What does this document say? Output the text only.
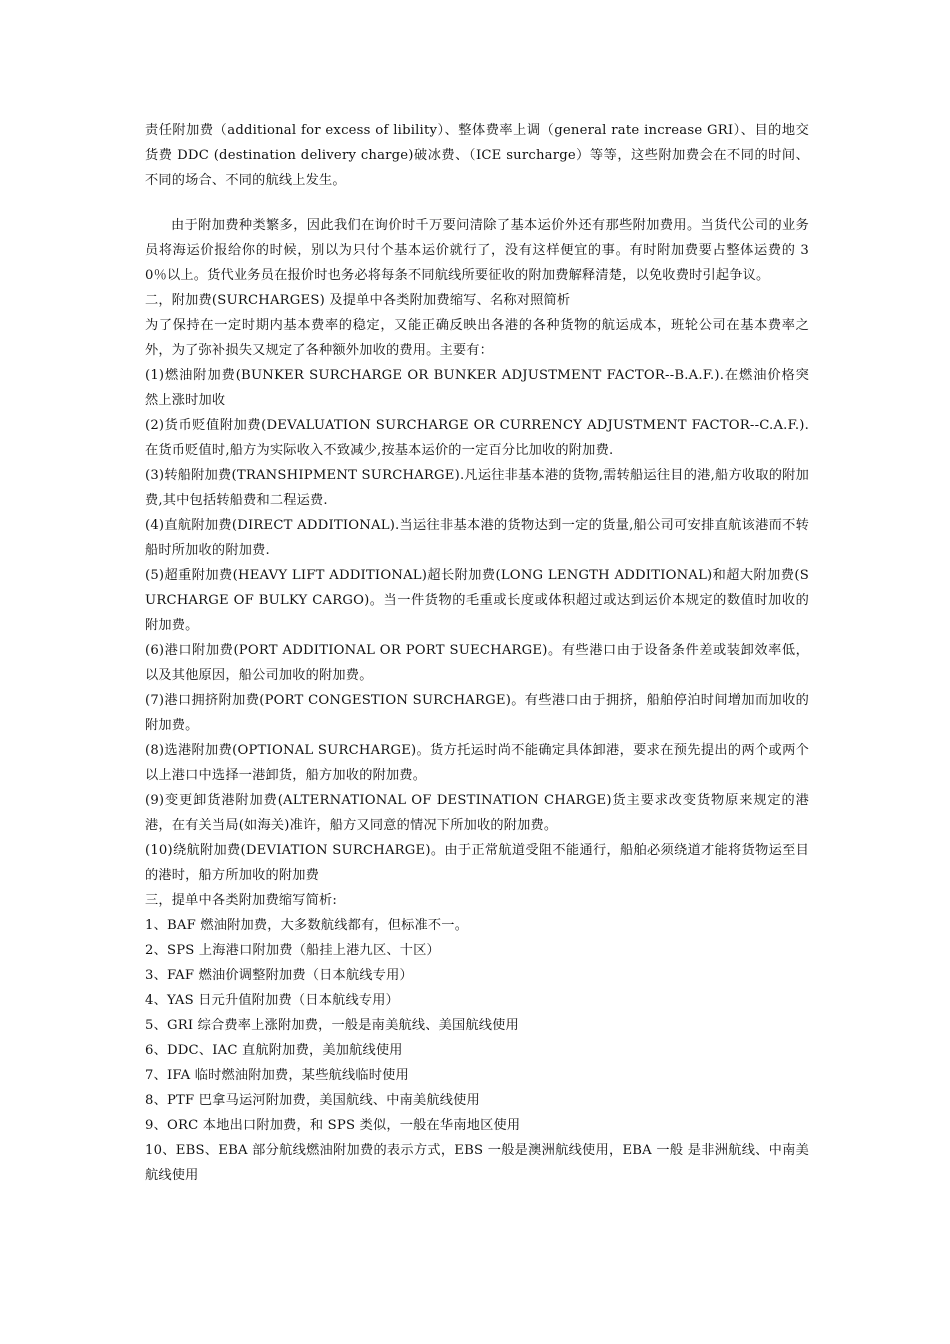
责任附加费（additional for excess of libility）、整体费率上调（general rate increase GRI）、目的地交货费 DDC (destination delivery charge)破冰费、（ICE surcharge）等等，这些附加费会在不同的时间、不同的场合、不同的航线上发生。

由于附加费种类繁多，因此我们在询价时千万要问清除了基本运价外还有那些附加费用。当货代公司的业务员将海运价报给你的时候，别以为只付个基本运价就行了，没有这样便宜的事。有时附加费要占整体运费的 30％以上。货代业务员在报价时也务必将每条不同航线所要征收的附加费解释清楚，以免收费时引起争议。

二，附加费(SURCHARGES) 及提单中各类附加费缩写、名称对照简析

为了保持在一定时期内基本费率的稳定，又能正确反映出各港的各种货物的航运成本，班轮公司在基本费率之外，为了弥补损失又规定了各种额外加收的费用。主要有：

(1)燃油附加费(BUNKER SURCHARGE OR BUNKER ADJUSTMENT FACTOR--B.A.F.).在燃油价格突然上涨时加收

(2)货币贬值附加费(DEVALUATION SURCHARGE OR CURRENCY ADJUSTMENT FACTOR--C.A.F.).在货币贬值时,船方为实际收入不致减少,按基本运价的一定百分比加收的附加费.

(3)转船附加费(TRANSHIPMENT SURCHARGE).凡运往非基本港的货物,需转船运往目的港,船方收取的附加费,其中包括转船费和二程运费.

(4)直航附加费(DIRECT ADDITIONAL).当运往非基本港的货物达到一定的货量,船公司可安排直航该港而不转船时所加收的附加费.

(5)超重附加费(HEAVY LIFT ADDITIONAL)超长附加费(LONG LENGTH ADDITIONAL)和超大附加费(SURCHARGE OF BULKY CARGO)。当一件货物的毛重或长度或体积超过或达到运价本规定的数值时加收的附加费。

(6)港口附加费(PORT ADDITIONAL OR PORT SUECHARGE)。有些港口由于设备条件差或装卸效率低，以及其他原因，船公司加收的附加费。

(7)港口拥挤附加费(PORT CONGESTION SURCHARGE)。有些港口由于拥挤，船舶停泊时间增加而加收的附加费。

(8)选港附加费(OPTIONAL SURCHARGE)。货方托运时尚不能确定具体卸港，要求在预先提出的两个或两个以上港口中选择一港卸货，船方加收的附加费。

(9)变更卸货港附加费(ALTERNATIONAL OF DESTINATION CHARGE)货主要求改变货物原来规定的港港，在有关当局(如海关)准许，船方又同意的情况下所加收的附加费。

(10)绕航附加费(DEVIATION SURCHARGE)。由于正常航道受阻不能通行，船舶必须绕道才能将货物运至目的港时，船方所加收的附加费

三，提单中各类附加费缩写简析:

1、BAF 燃油附加费，大多数航线都有，但标准不一。

2、SPS 上海港口附加费（船挂上港九区、十区）

3、FAF 燃油价调整附加费（日本航线专用）

4、YAS 日元升值附加费（日本航线专用）

5、GRI 综合费率上涨附加费，一般是南美航线、美国航线使用

6、DDC、IAC 直航附加费，美加航线使用

7、IFA 临时燃油附加费，某些航线临时使用

8、PTF 巴拿马运河附加费，美国航线、中南美航线使用

9、ORC 本地出口附加费，和 SPS 类似，一般在华南地区使用

10、EBS、EBA 部分航线燃油附加费的表示方式，EBS 一般是澳洲航线使用，EBA 一般 是非洲航线、中南美航线使用
